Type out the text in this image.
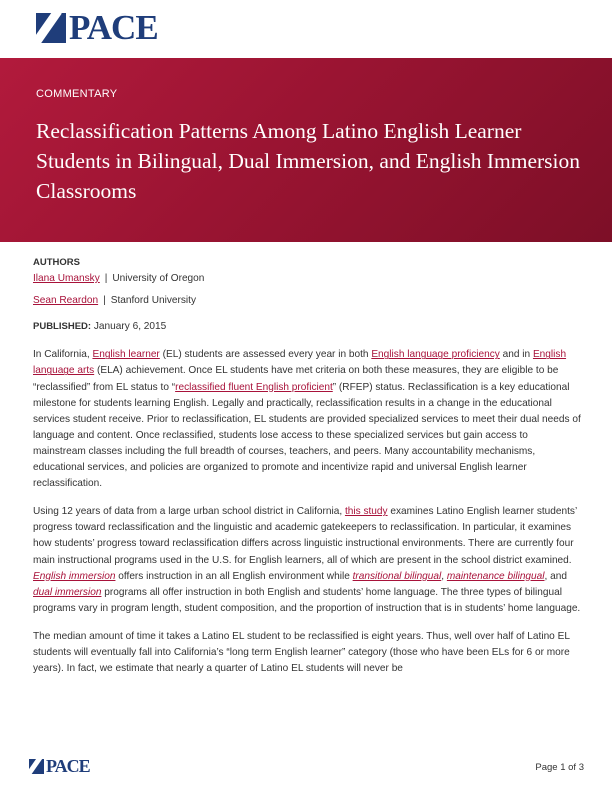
PACE
COMMENTARY
Reclassification Patterns Among Latino English Learner Students in Bilingual, Dual Immersion, and English Immersion Classrooms

AUTHORS

Ilana Umansky | University of Oregon

Sean Reardon | Stanford University

PUBLISHED: January 6, 2015

In California, English learner (EL) students are assessed every year in both English language proficiency and in English language arts (ELA) achievement. Once EL students have met criteria on both these measures, they are eligible to be “reclassified” from EL status to “reclassified fluent English proficient” (RFEP) status. Reclassification is a key educational milestone for students learning English. Legally and practically, reclassification results in a change in the educational services student receive. Prior to reclassification, EL students are provided specialized services to meet their dual needs of language and content. Once reclassified, students lose access to these specialized services but gain access to mainstream classes including the full breadth of courses, teachers, and peers. Many accountability mechanisms, educational services, and policies are organized to promote and incentivize rapid and universal English learner reclassification.

Using 12 years of data from a large urban school district in California, this study examines Latino English learner students’ progress toward reclassification and the linguistic and academic gatekeepers to reclassification. In particular, it examines how students’ progress toward reclassification differs across linguistic instructional environments. There are currently four main instructional programs used in the U.S. for English learners, all of which are present in the school district examined. English immersion offers instruction in an all English environment while transitional bilingual, maintenance bilingual, and dual immersion programs all offer instruction in both English and students’ home language. The three types of bilingual programs vary in program length, student composition, and the proportion of instruction that is in students’ home language.

The median amount of time it takes a Latino EL student to be reclassified is eight years. Thus, well over half of Latino EL students will eventually fall into California’s “long term English learner” category (those who have been ELs for 6 or more years). In fact, we estimate that nearly a quarter of Latino EL students will never be

PACE	Page 1 of 3
